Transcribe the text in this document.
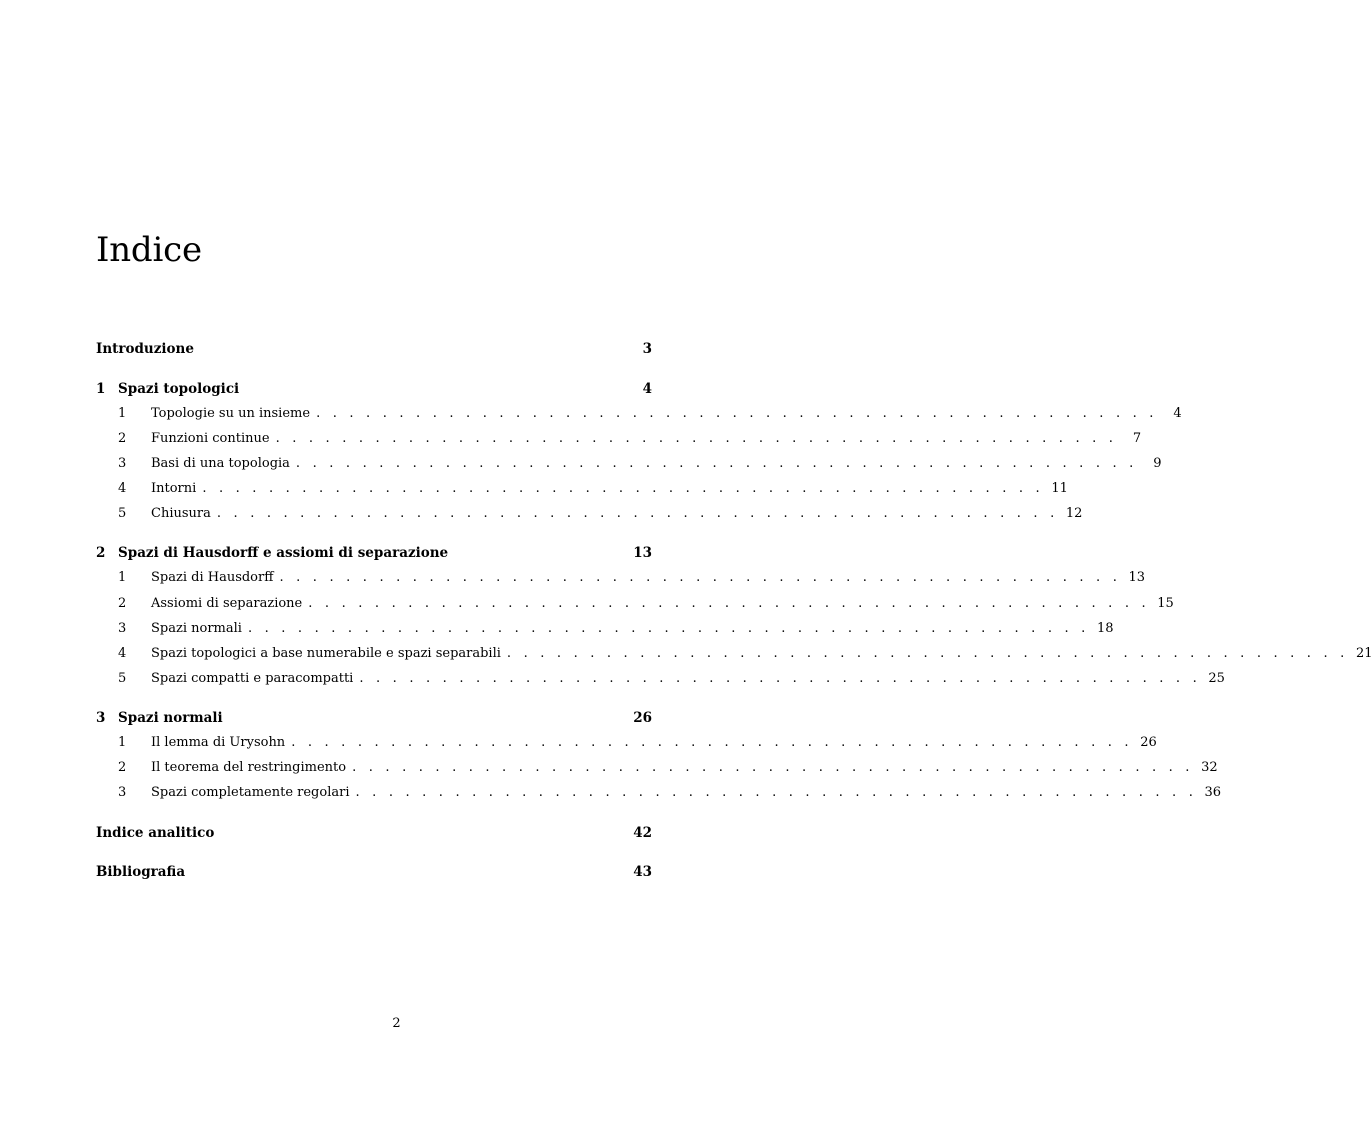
Indice
Introduzione	3
1 Spazi topologici	4
1	Topologie su un insieme . . . . . . . . . . . . . . . . . . . . . . . . . . . . . . . . . . . . . . . . . . . . . . . . . . .	4
2	Funzioni continue . . . . . . . . . . . . . . . . . . . . . . . . . . . . . . . . . . . . . . . . . . . . . . . . . . .	7
3	Basi di una topologia . . . . . . . . . . . . . . . . . . . . . . . . . . . . . . . . . . . . . . . . . . . . . . . . . . .	9
4	Intorni . . . . . . . . . . . . . . . . . . . . . . . . . . . . . . . . . . . . . . . . . . . . . . . . . . . 11
5	Chiusura . . . . . . . . . . . . . . . . . . . . . . . . . . . . . . . . . . . . . . . . . . . . . . . . . . . 12
2 Spazi di Hausdorff e assiomi di separazione	13
1	Spazi di Hausdorff . . . . . . . . . . . . . . . . . . . . . . . . . . . . . . . . . . . . . . . . . . . . . . . . . . . 13
2	Assiomi di separazione . . . . . . . . . . . . . . . . . . . . . . . . . . . . . . . . . . . . . . . . . . . . . . . . . . . 15
3	Spazi normali . . . . . . . . . . . . . . . . . . . . . . . . . . . . . . . . . . . . . . . . . . . . . . . . . . . 18
4	Spazi topologici a base numerabile e spazi separabili . . . . . . . . . . . . . . . . . . . . . . . . . . . . . . . . . . . . . . . . . . . . . . . . . . . 21
5	Spazi compatti e paracompatti . . . . . . . . . . . . . . . . . . . . . . . . . . . . . . . . . . . . . . . . . . . . . . . . . . . 25
3 Spazi normali	26
1	Il lemma di Urysohn . . . . . . . . . . . . . . . . . . . . . . . . . . . . . . . . . . . . . . . . . . . . . . . . . . . 26
2	Il teorema del restringimento . . . . . . . . . . . . . . . . . . . . . . . . . . . . . . . . . . . . . . . . . . . . . . . . . . . 32
3	Spazi completamente regolari . . . . . . . . . . . . . . . . . . . . . . . . . . . . . . . . . . . . . . . . . . . . . . . . . . . 36
Indice analitico	42
Bibliografia	43
2
